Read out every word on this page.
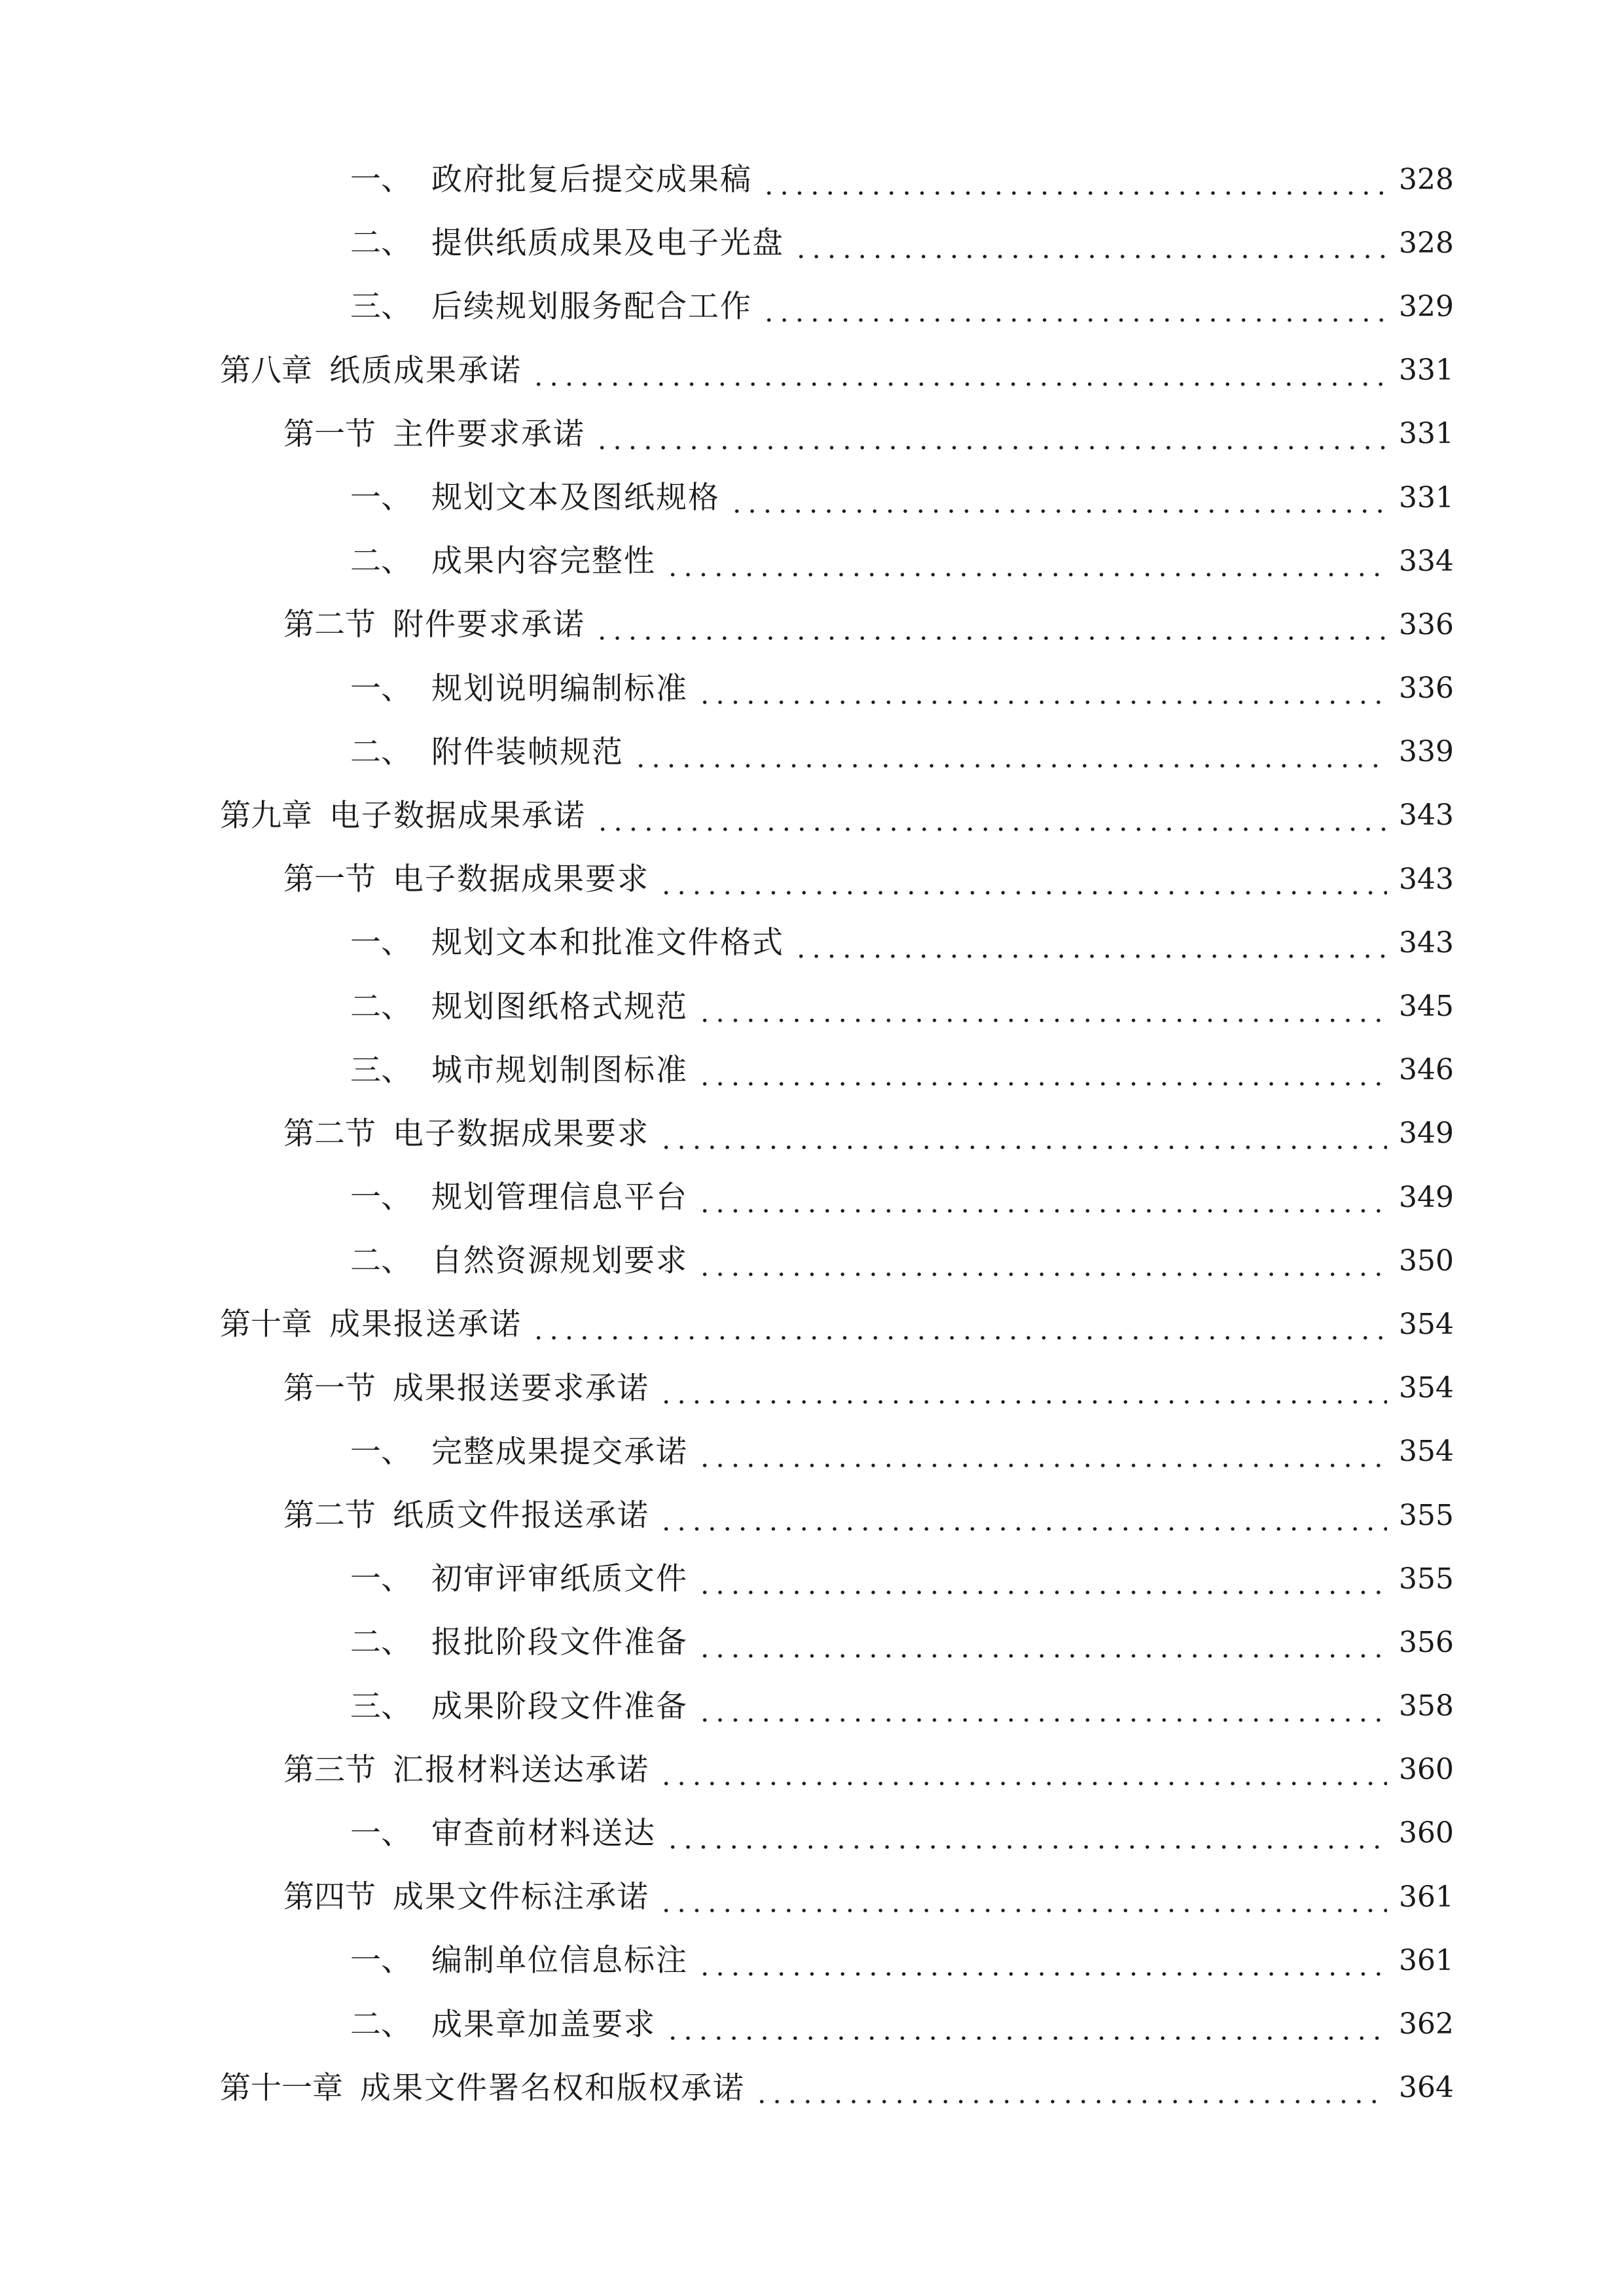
一、 政府批复后提交成果稿	328
二、 提供纸质成果及电子光盘	328
三、 后续规划服务配合工作	329
第八章 纸质成果承诺	331
第一节 主件要求承诺	331
一、 规划文本及图纸规格	331
二、 成果内容完整性	334
第二节 附件要求承诺	336
一、 规划说明编制标准	336
二、 附件装帧规范	339
第九章 电子数据成果承诺	343
第一节 电子数据成果要求	343
一、 规划文本和批准文件格式	343
二、 规划图纸格式规范	345
三、 城市规划制图标准	346
第二节 电子数据成果要求	349
一、 规划管理信息平台	349
二、 自然资源规划要求	350
第十章 成果报送承诺	354
第一节 成果报送要求承诺	354
一、 完整成果提交承诺	354
第二节 纸质文件报送承诺	355
一、 初审评审纸质文件	355
二、 报批阶段文件准备	356
三、 成果阶段文件准备	358
第三节 汇报材料送达承诺	360
一、 审查前材料送达	360
第四节 成果文件标注承诺	361
一、 编制单位信息标注	361
二、 成果章加盖要求	362
第十一章 成果文件署名权和版权承诺	364
